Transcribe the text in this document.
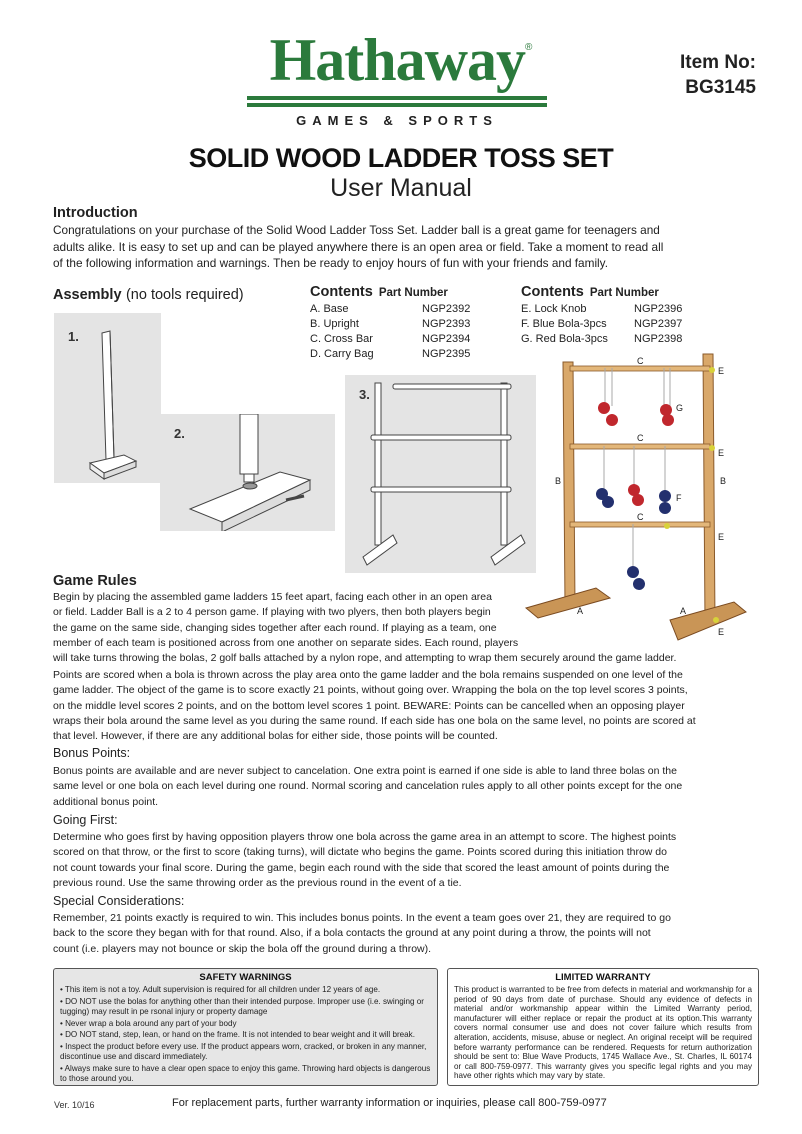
Hathaway®
GAMES & SPORTS
Item No:
BG3145
SOLID WOOD LADDER TOSS SET
User Manual
Introduction
Congratulations on your purchase of the Solid Wood Ladder Toss Set. Ladder ball is a great game for teenagers and
adults alike. It is easy to set up and can be played anywhere there is an open area or field. Take a moment to read all
of the following information and warnings. Then be ready to enjoy hours of fun with your friends and family.
Assembly (no tools required)
1.
2.
3.
Contents Part Number
A. Base	NGP2392
B. Upright	NGP2393
C. Cross Bar	NGP2394
D. Carry Bag	NGP2395
Contents Part Number
E. Lock Knob	NGP2396
F. Blue Bola-3pcs NGP2397
G. Red Bola-3pcs NGP2398
C
E
G
C
E
B	B
F
C
E
A	A
E
Game Rules
Begin by placing the assembled game ladders 15 feet apart, facing each other in an open area
or field. Ladder Ball is a 2 to 4 person game. If playing with two plyers, then both players begin
the game on the same side, changing sides together after each round. If playing as a team, one
member of each team is positioned across from one another on separate sides. Each round, players
will take turns throwing the bolas, 2 golf balls attached by a nylon rope, and attempting to wrap them securely around the game ladder.
Points are scored when a bola is thrown across the play area onto the game ladder and the bola remains suspended on one level of the
game ladder. The object of the game is to score exactly 21 points, without going over. Wrapping the bola on the top level scores 3 points,
on the middle level scores 2 points, and on the bottom level scores 1 point. BEWARE: Points can be cancelled when an opposing player
wraps their bola around the same level as you during the same round. If each side has one bola on the same level, no points are scored at
that level. However, if there are any additional bolas for either side, those points will be counted.
Bonus Points:
Bonus points are available and are never subject to cancelation. One extra point is earned if one side is able to land three bolas on the
same level or one bola on each level during one round. Normal scoring and cancelation rules apply to all other points except for the one
additional bonus point.
Going First:
Determine who goes first by having opposition players throw one bola across the game area in an attempt to score. The highest points
scored on that throw, or the first to score (taking turns), will dictate who begins the game. Points scored during this initiation throw do
not count towards your final score. During the game, begin each round with the side that scored the least amount of points during the
previous round. Use the same throwing order as the previous round in the event of a tie.
Special Considerations:
Remember, 21 points exactly is required to win. This includes bonus points. In the event a team goes over 21, they are required to go
back to the score they began with for that round. Also, if a bola contacts the ground at any point during a throw, the points will not
count (i.e. players may not bounce or skip the bola off the ground during a throw).
SAFETY WARNINGS
• This item is not a toy. Adult supervision is required for all children under 12 years of age.
• DO NOT use the bolas for anything other than their intended purpose. Improper use (i.e. swinging or tugging) may result in pe rsonal injury or property damage
• Never wrap a bola around any part of your body
• DO NOT stand, step, lean, or hand on the frame. It is not intended to bear weight and it will break.
• Inspect the product before every use. If the product appears worn, cracked, or broken in any manner, discontinue use and discard immediately.
• Always make sure to have a clear open space to enjoy this game. Throwing hard objects is dangerous to those around you.
LIMITED WARRANTY
This product is warranted to be free from defects in material and workmanship for a period of 90 days from date of purchase. Should any evidence of defects in material and/or workmanship appear within the Limited Warranty period, manufacturer will either replace or repair the product at its option.This warranty covers normal consumer use and does not cover failure which results from alteration, accidents, misuse, abuse or neglect. An original receipt will be required before warranty performance can be rendered. Requests for return authorization should be sent to: Blue Wave Products, 1745 Wallace Ave., St. Charles, IL 60174 or call 800-759-0977. This warranty gives you specific legal rights and you may have other rights which may vary by state.
Ver. 10/16	For replacement parts, further warranty information or inquiries, please call 800-759-0977
